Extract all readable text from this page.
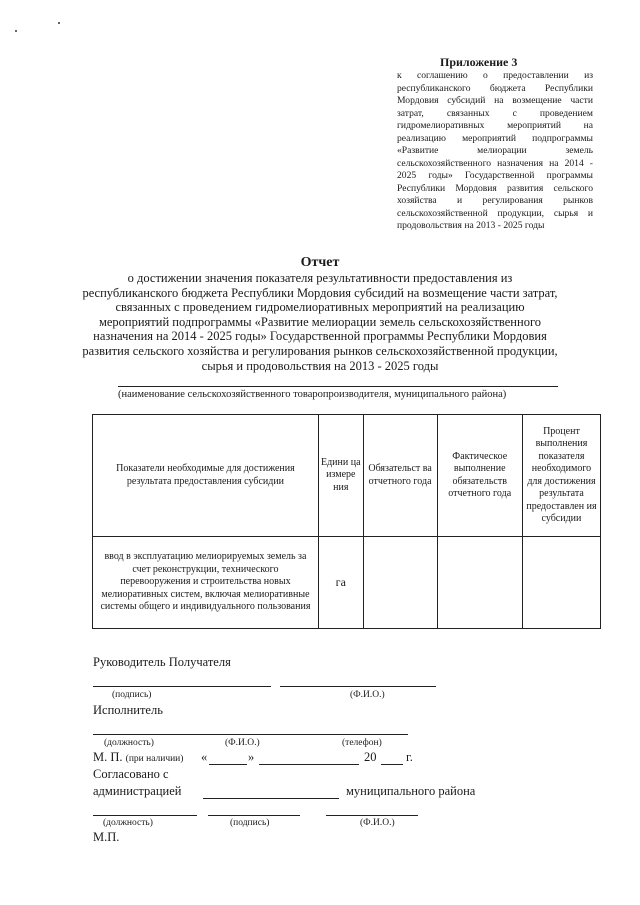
Приложение 3
к соглашению о предоставлении из республиканского бюджета Республики Мордовия субсидий на возмещение части затрат, связанных с проведением гидромелиоративных мероприятий на реализацию мероприятий подпрограммы «Развитие мелиорации земель сельскохозяйственного назначения на 2014 - 2025 годы» Государственной программы Республики Мордовия развития сельского хозяйства и регулирования рынков сельскохозяйственной продукции, сырья и продовольствия на 2013 - 2025 годы
Отчет
о достижении значения показателя результативности предоставления из республиканского бюджета Республики Мордовия субсидий на возмещение части затрат, связанных с проведением гидромелиоративных мероприятий на реализацию мероприятий подпрограммы «Развитие мелиорации земель сельскохозяйственного назначения на 2014 - 2025 годы» Государственной программы Республики Мордовия развития сельского хозяйства и регулирования рынков сельскохозяйственной продукции, сырья и продовольствия на 2013 - 2025 годы
(наименование сельскохозяйственного товаропроизводителя, муниципального района)
Показатели необходимые для достижения результата предоставления субсидии	Едини ца измере ния	Обязательст ва отчетного года	Фактическое выполнение обязательств отчетного года	Процент выполнения показателя необходимого для достижения результата предоставлен ия субсидии
ввод в эксплуатацию мелиорируемых земель за счет реконструкции, технического перевооружения и строительства новых мелиоративных систем, включая мелиоративные системы общего и индивидуального пользования	га			
Руководитель Получателя
(подпись)	(Ф.И.О.)
Исполнитель
(должность)	(Ф.И.О.)	(телефон)
М. П. (при наличии) «	»	20 г.
Согласовано с
администрацией	муниципального района
(должность)	(подпись)	(Ф.И.О.)
М.П.
